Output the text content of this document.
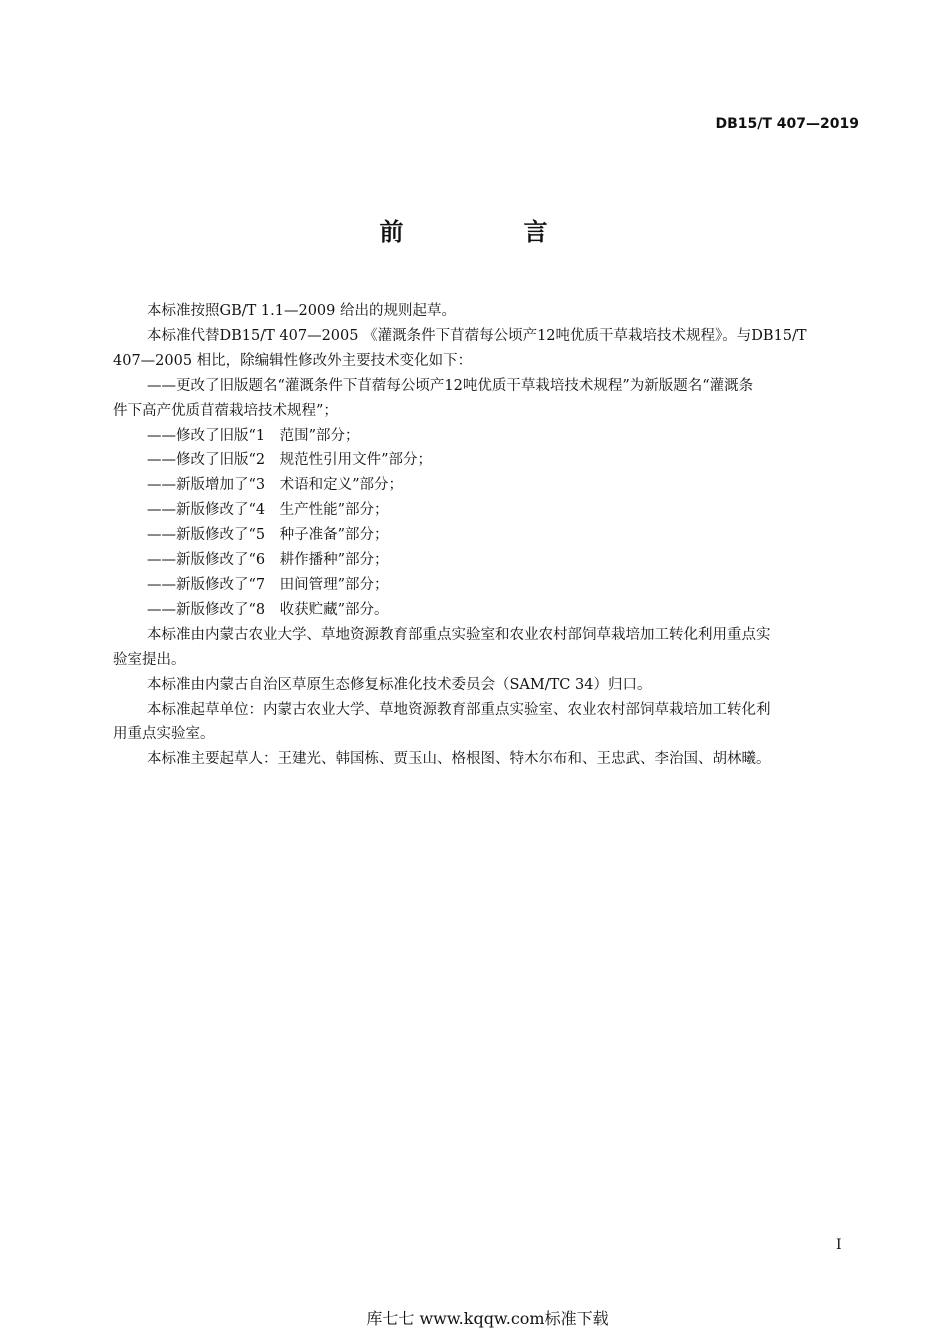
DB15/T 407—2019
前　言
本标准按照GB/T 1.1—2009 给出的规则起草。
本标准代替DB15/T 407—2005 《灌溉条件下苜蓿每公顷产12吨优质干草栽培技术规程》。与DB15/T
407—2005 相比，除编辑性修改外主要技术变化如下：
——更改了旧版题名“灌溉条件下苜蓿每公顷产12吨优质干草栽培技术规程”为新版题名“灌溉条
件下高产优质苜蓿栽培技术规程”；
——修改了旧版“1　范围”部分；
——修改了旧版“2　规范性引用文件”部分；
——新版增加了“3　术语和定义”部分；
——新版修改了“4　生产性能”部分；
——新版修改了“5　种子准备”部分；
——新版修改了“6　耕作播种”部分；
——新版修改了“7　田间管理”部分；
——新版修改了“8　收获贮藏”部分。
本标准由内蒙古农业大学、草地资源教育部重点实验室和农业农村部饲草栽培加工转化利用重点实
验室提出。
本标准由内蒙古自治区草原生态修复标准化技术委员会（SAM/TC 34）归口。
本标准起草单位：内蒙古农业大学、草地资源教育部重点实验室、农业农村部饲草栽培加工转化利
用重点实验室。
本标准主要起草人：王建光、韩国栋、贾玉山、格根图、特木尔布和、王忠武、李治国、胡林曦。
I
库七七 www.kqqw.com标准下载
